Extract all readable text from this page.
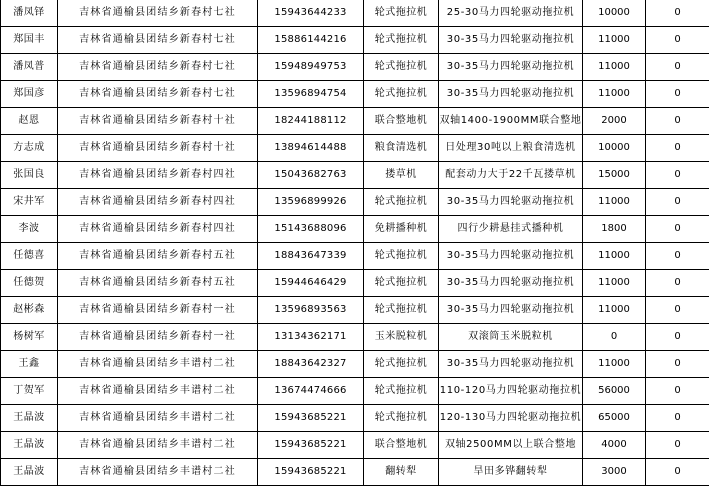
潘凤铎	吉林省通榆县团结乡新春村七社	15943644233	轮式拖拉机	25-30马力四轮驱动拖拉机	10000	0
郑国丰	吉林省通榆县团结乡新春村七社	15886144216	轮式拖拉机	30-35马力四轮驱动拖拉机	11000	0
潘凤普	吉林省通榆县团结乡新春村七社	15948949753	轮式拖拉机	30-35马力四轮驱动拖拉机	11000	0
郑国彦	吉林省通榆县团结乡新春村七社	13596894754	轮式拖拉机	30-35马力四轮驱动拖拉机	11000	0
赵恩	吉林省通榆县团结乡新春村十社	18244188112	联合整地机	双轴1400-1900MM联合整地	2000	0
方志成	吉林省通榆县团结乡新春村十社	13894614488	粮食清选机	日处理30吨以上粮食清选机	10000	0
张国良	吉林省通榆县团结乡新春村四社	15043682763	搂草机	配套动力大于22千瓦搂草机	15000	0
宋井军	吉林省通榆县团结乡新春村四社	13596899926	轮式拖拉机	30-35马力四轮驱动拖拉机	11000	0
李波	吉林省通榆县团结乡新春村四社	15143688096	免耕播种机	四行少耕悬挂式播种机	1800	0
任德喜	吉林省通榆县团结乡新春村五社	18843647339	轮式拖拉机	30-35马力四轮驱动拖拉机	11000	0
任德贺	吉林省通榆县团结乡新春村五社	15944646429	轮式拖拉机	30-35马力四轮驱动拖拉机	11000	0
赵彬森	吉林省通榆县团结乡新春村一社	13596893563	轮式拖拉机	30-35马力四轮驱动拖拉机	11000	0
杨树军	吉林省通榆县团结乡新春村一社	13134362171	玉米脱粒机	双滚筒玉米脱粒机	0	0
王鑫	吉林省通榆县团结乡丰谱村二社	18843642327	轮式拖拉机	30-35马力四轮驱动拖拉机	11000	0
丁贺军	吉林省通榆县团结乡丰谱村二社	13674474666	轮式拖拉机	110-120马力四轮驱动拖拉机	56000	0
王晶波	吉林省通榆县团结乡丰谱村二社	15943685221	轮式拖拉机	120-130马力四轮驱动拖拉机	65000	0
王晶波	吉林省通榆县团结乡丰谱村二社	15943685221	联合整地机	双轴2500MM以上联合整地	4000	0
王晶波	吉林省通榆县团结乡丰谱村二社	15943685221	翻转犁	旱田多铧翻转犁	3000	0
